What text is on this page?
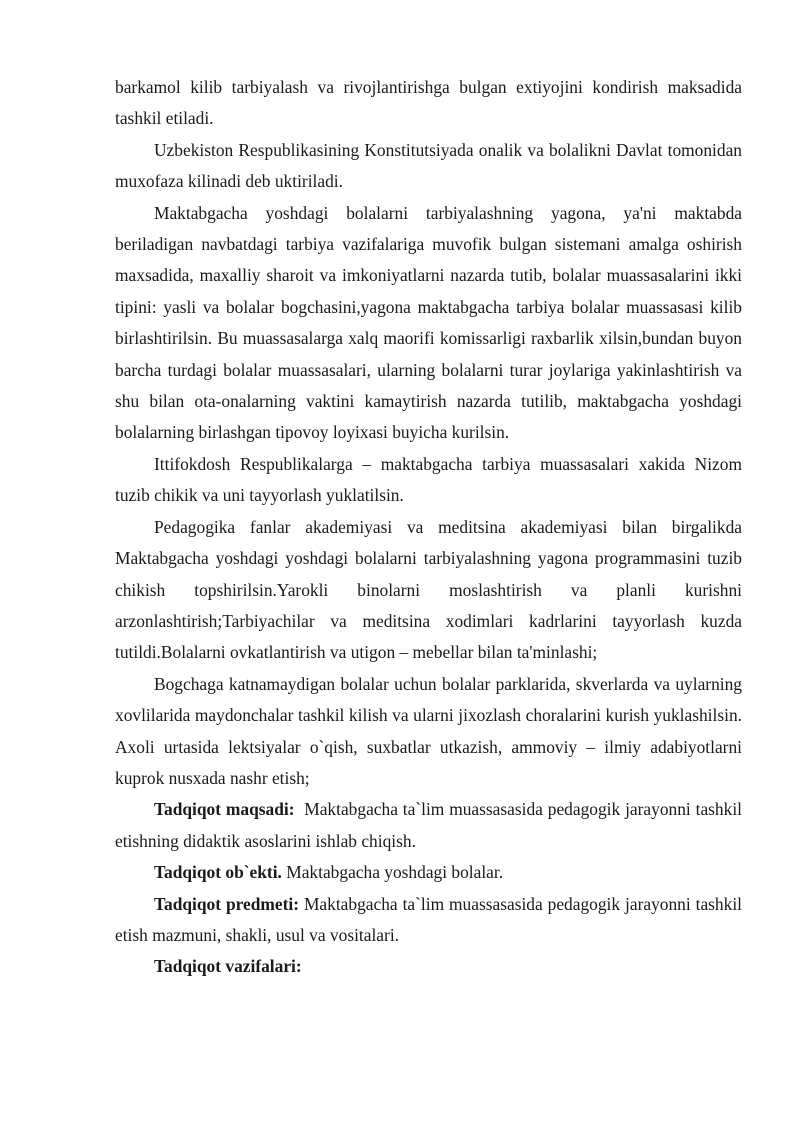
barkamol kilib tarbiyalash va rivojlantirishga bulgan extiyojini kondirish maksadida tashkil etiladi.

Uzbekiston Respublikasining Konstitutsiyada onalik va bolalikni Davlat tomonidan muxofaza kilinadi deb uktiriladi.

Maktabgacha yoshdagi bolalarni tarbiyalashning yagona, ya'ni maktabda beriladigan navbatdagi tarbiya vazifalariga muvofik bulgan sistemani amalga oshirish maxsadida, maxalliy sharoit va imkoniyatlarni nazarda tutib, bolalar muassasalarini ikki tipini: yasli va bolalar bogchasini,yagona maktabgacha tarbiya bolalar muassasasi kilib birlashtirilsin. Bu muassasalarga xalq maorifi komissarligi raxbarlik xilsin,bundan buyon barcha turdagi bolalar muassasalari, ularning bolalarni turar joylariga yakinlashtirish va shu bilan ota-onalarning vaktini kamaytirish nazarda tutilib, maktabgacha yoshdagi bolalarning birlashgan tipovoy loyixasi buyicha kurilsin.

Ittifokdosh Respublikalarga – maktabgacha tarbiya muassasalari xakida Nizom tuzib chikik va uni tayyorlash yuklatilsin.

Pedagogika fanlar akademiyasi va meditsina akademiyasi bilan birgalikda Maktabgacha yoshdagi yoshdagi bolalarni tarbiyalashning yagona programmasini tuzib chikish topshirilsin.Yarokli binolarni moslashtirish va planli kurishni arzonlashtirish;Tarbiyachilar va meditsina xodimlari kadrlarini tayyorlash kuzda tutildi.Bolalarni ovkatlantirish va utigon – mebellar bilan ta'minlashi;

Bogchaga katnamaydigan bolalar uchun bolalar parklarida, skverlarda va uylarning xovlilarida maydonchalar tashkil kilish va ularni jixozlash choralarini kurish yuklashilsin. Axoli urtasida lektsiyalar o`qish, suxbatlar utkazish, ammoviy – ilmiy adabiyotlarni kuprok nusxada nashr etish;

Tadqiqot maqsadi:  Maktabgacha ta`lim muassasasida pedagogik jarayonni tashkil etishning didaktik asoslarini ishlab chiqish.

Tadqiqot ob`ekti. Maktabgacha yoshdagi bolalar.

Tadqiqot predmeti: Maktabgacha ta`lim muassasasida pedagogik jarayonni tashkil etish mazmuni, shakli, usul va vositalari.

Tadqiqot vazifalari:
